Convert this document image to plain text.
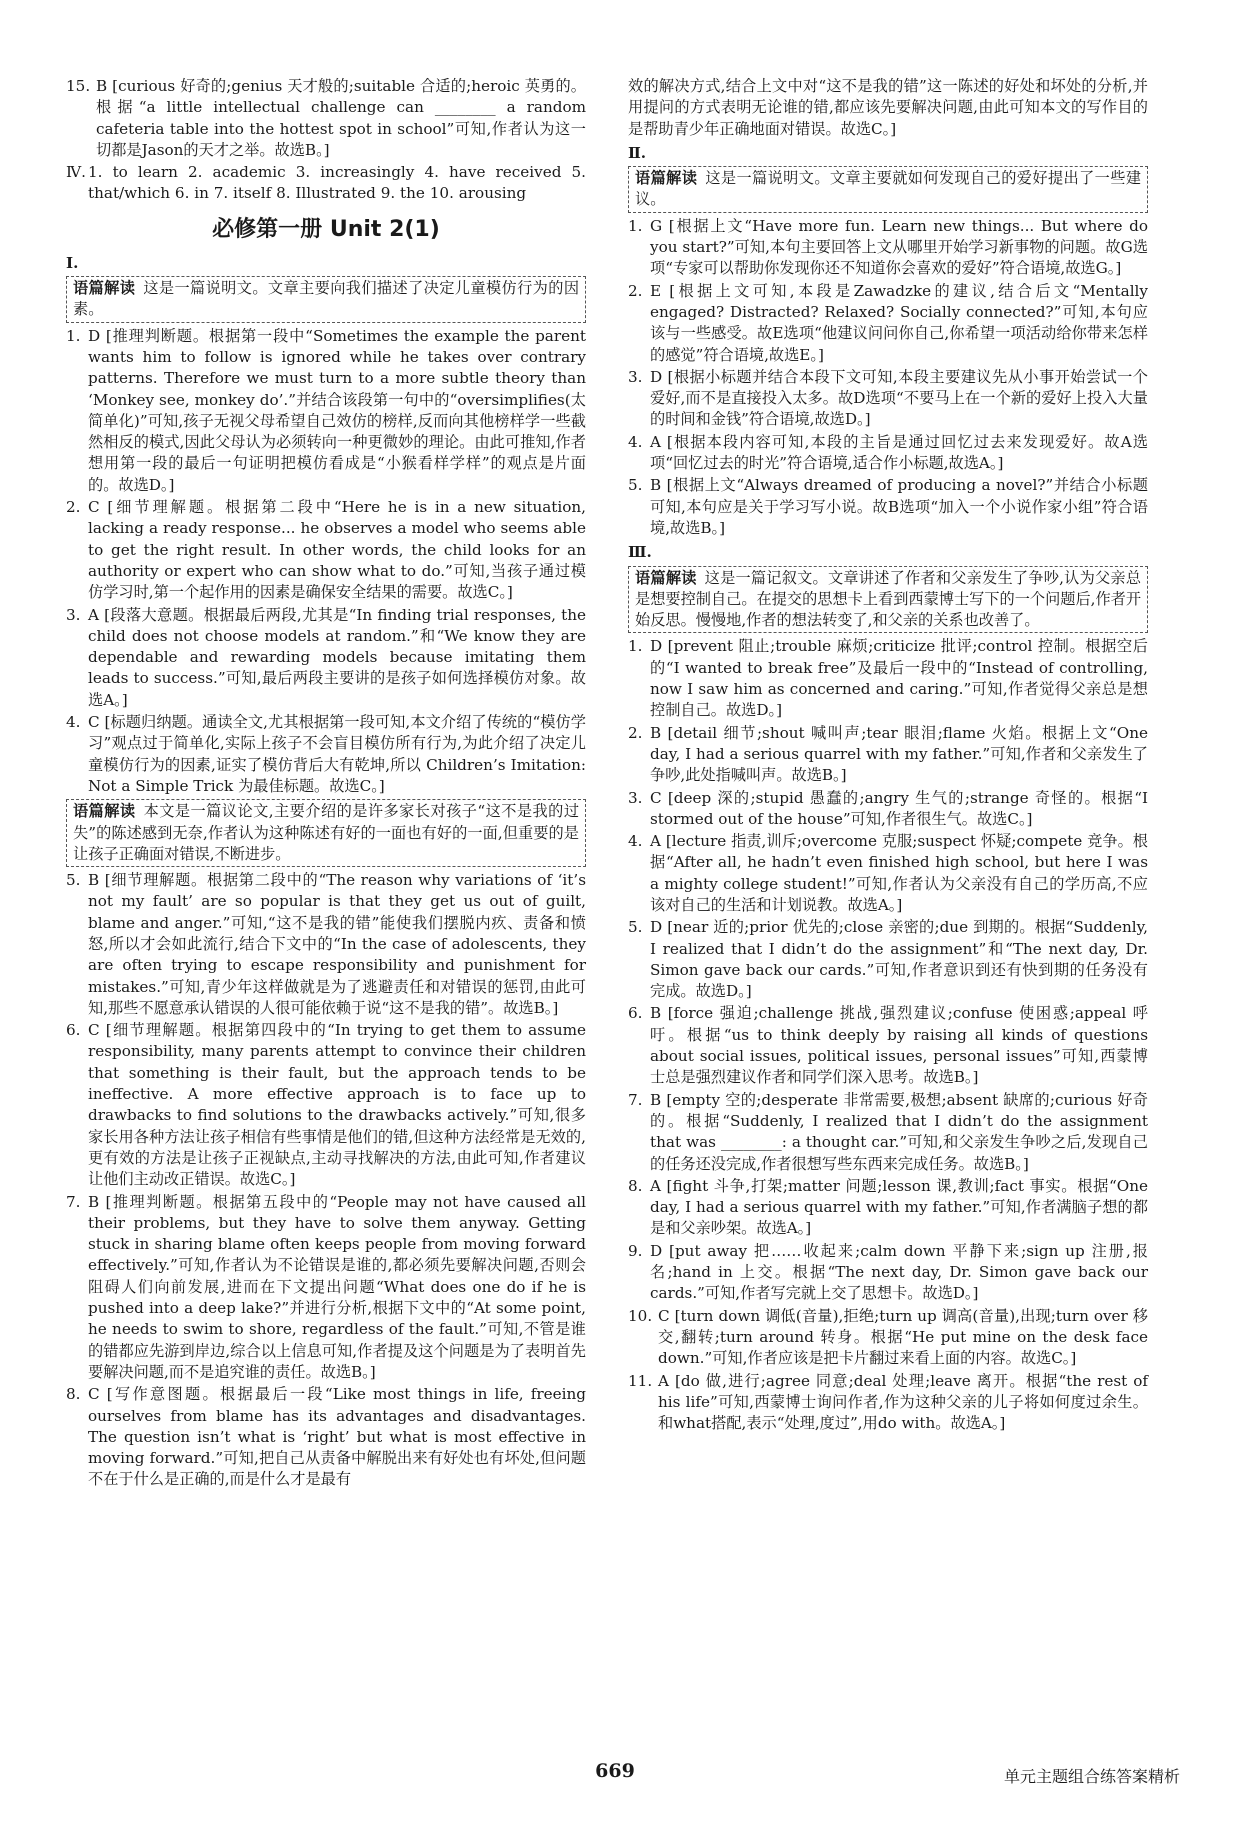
15. B [curious 好奇的;genius 天才般的;suitable 合适的;heroic 英勇的。根据“a little intellectual challenge can ________ a random cafeteria table into the hottest spot in school”可知,作者认为这一切都是Jason的天才之举。故选B。]
Ⅳ. 1. to learn 2. academic 3. increasingly 4. have received 5. that/which 6. in 7. itself 8. Illustrated 9. the 10. arousing
必修第一册 Unit 2(1)
Ⅰ.
语篇解读 这是一篇说明文。文章主要向我们描述了决定儿童模仿行为的因素。
1. D [推理判断题。根据第一段中“Sometimes the example the parent wants him to follow is ignored while he takes over contrary patterns. Therefore we must turn to a more subtle theory than ‘Monkey see, monkey do’.”并结合该段第一句中的“oversimplifies(太简单化)”可知,孩子无视父母希望自己效仿的榜样,反而向其他榜样学一些截然相反的模式,因此父母认为必须转向一种更微妙的理论。由此可推知,作者想用第一段的最后一句证明把模仿看成是“小猴看样学样”的观点是片面的。故选D。]
2. C [细节理解题。根据第二段中“Here he is in a new situation, lacking a ready response... he observes a model who seems able to get the right result. In other words, the child looks for an authority or expert who can show what to do.”可知,当孩子通过模仿学习时,第一个起作用的因素是确保安全结果的需要。故选C。]
3. A [段落大意题。根据最后两段,尤其是“In finding trial responses, the child does not choose models at random.”和“We know they are dependable and rewarding models because imitating them leads to success.”可知,最后两段主要讲的是孩子如何选择模仿对象。故选A。]
4. C [标题归纳题。通读全文,尤其根据第一段可知,本文介绍了传统的“模仿学习”观点过于简单化,实际上孩子不会盲目模仿所有行为,为此介绍了决定儿童模仿行为的因素,证实了模仿背后大有乾坤,所以 Children’s Imitation: Not a Simple Trick 为最佳标题。故选C。]
语篇解读 本文是一篇议论文,主要介绍的是许多家长对孩子“这不是我的过失”的陈述感到无奈,作者认为这种陈述有好的一面也有好的一面,但重要的是让孩子正确面对错误,不断进步。
5. B [细节理解题。根据第二段中的“The reason why variations of ‘it’s not my fault’ are so popular is that they get us out of guilt, blame and anger.”可知,“这不是我的错”能使我们摆脱内疚、责备和愤怒,所以才会如此流行,结合下文中的“In the case of adolescents, they are often trying to escape responsibility and punishment for mistakes.”可知,青少年这样做就是为了逃避责任和对错误的惩罚,由此可知,那些不愿意承认错误的人很可能依赖于说“这不是我的错”。故选B。]
6. C [细节理解题。根据第四段中的“In trying to get them to assume responsibility, many parents attempt to convince their children that something is their fault, but the approach tends to be ineffective. A more effective approach is to face up to drawbacks to find solutions to the drawbacks actively.”可知,很多家长用各种方法让孩子相信有些事情是他们的错,但这种方法经常是无效的,更有效的方法是让孩子正视缺点,主动寻找解决的方法,由此可知,作者建议让他们主动改正错误。故选C。]
7. B [推理判断题。根据第五段中的“People may not have caused all their problems, but they have to solve them anyway. Getting stuck in sharing blame often keeps people from moving forward effectively.”可知,作者认为不论错误是谁的,都必须先要解决问题,否则会阻碍人们向前发展,进而在下文提出问题“What does one do if he is pushed into a deep lake?”并进行分析,根据下文中的“At some point, he needs to swim to shore, regardless of the fault.”可知,不管是谁的错都应先游到岸边,综合以上信息可知,作者提及这个问题是为了表明首先要解决问题,而不是追究谁的责任。故选B。]
8. C [写作意图题。根据最后一段“Like most things in life, freeing ourselves from blame has its advantages and disadvantages. The question isn’t what is ‘right’ but what is most effective in moving forward.”可知,把自己从责备中解脱出来有好处也有坏处,但问题不在于什么是正确的,而是什么才是最有
效的解决方式,结合上文中对“这不是我的错”这一陈述的好处和坏处的分析,并用提问的方式表明无论谁的错,都应该先要解决问题,由此可知本文的写作目的是帮助青少年正确地面对错误。故选C。]
Ⅱ.
语篇解读 这是一篇说明文。文章主要就如何发现自己的爱好提出了一些建议。
1. G [根据上文“Have more fun. Learn new things... But where do you start?”可知,本句主要回答上文从哪里开始学习新事物的问题。故G选项“专家可以帮助你发现你还不知道你会喜欢的爱好”符合语境,故选G。]
2. E [根据上文可知,本段是Zawadzke的建议,结合后文“Mentally engaged? Distracted? Relaxed? Socially connected?”可知,本句应该与一些感受。故E选项“他建议问问你自己,你希望一项活动给你带来怎样的感觉”符合语境,故选E。]
3. D [根据小标题并结合本段下文可知,本段主要建议先从小事开始尝试一个爱好,而不是直接投入太多。故D选项“不要马上在一个新的爱好上投入大量的时间和金钱”符合语境,故选D。]
4. A [根据本段内容可知,本段的主旨是通过回忆过去来发现爱好。故A选项“回忆过去的时光”符合语境,适合作小标题,故选A。]
5. B [根据上文“Always dreamed of producing a novel?”并结合小标题可知,本句应是关于学习写小说。故B选项“加入一个小说作家小组”符合语境,故选B。]
Ⅲ.
语篇解读 这是一篇记叙文。文章讲述了作者和父亲发生了争吵,认为父亲总是想要控制自己。在提交的思想卡上看到西蒙博士写下的一个问题后,作者开始反思。慢慢地,作者的想法转变了,和父亲的关系也改善了。
1. D [prevent 阻止;trouble 麻烦;criticize 批评;control 控制。根据空后的“I wanted to break free”及最后一段中的“Instead of controlling, now I saw him as concerned and caring.”可知,作者觉得父亲总是想控制自己。故选D。]
2. B [detail 细节;shout 喊叫声;tear 眼泪;flame 火焰。根据上文“One day, I had a serious quarrel with my father.”可知,作者和父亲发生了争吵,此处指喊叫声。故选B。]
3. C [deep 深的;stupid 愚蠢的;angry 生气的;strange 奇怪的。根据“I stormed out of the house”可知,作者很生气。故选C。]
4. A [lecture 指责,训斥;overcome 克服;suspect 怀疑;compete 竞争。根据“After all, he hadn’t even finished high school, but here I was a mighty college student!”可知,作者认为父亲没有自己的学历高,不应该对自己的生活和计划说教。故选A。]
5. D [near 近的;prior 优先的;close 亲密的;due 到期的。根据“Suddenly, I realized that I didn’t do the assignment”和“The next day, Dr. Simon gave back our cards.”可知,作者意识到还有快到期的任务没有完成。故选D。]
6. B [force 强迫;challenge 挑战,强烈建议;confuse 使困惑;appeal 呼吁。根据“us to think deeply by raising all kinds of questions about social issues, political issues, personal issues”可知,西蒙博士总是强烈建议作者和同学们深入思考。故选B。]
7. B [empty 空的;desperate 非常需要,极想;absent 缺席的;curious 好奇的。根据“Suddenly, I realized that I didn’t do the assignment that was ________: a thought car.”可知,和父亲发生争吵之后,发现自己的任务还没完成,作者很想写些东西来完成任务。故选B。]
8. A [fight 斗争,打架;matter 问题;lesson 课,教训;fact 事实。根据“One day, I had a serious quarrel with my father.”可知,作者满脑子想的都是和父亲吵架。故选A。]
9. D [put away 把……收起来;calm down 平静下来;sign up 注册,报名;hand in 上交。根据“The next day, Dr. Simon gave back our cards.”可知,作者写完就上交了思想卡。故选D。]
10. C [turn down 调低(音量),拒绝;turn up 调高(音量),出现;turn over 移交,翻转;turn around 转身。根据“He put mine on the desk face down.”可知,作者应该是把卡片翻过来看上面的内容。故选C。]
11. A [do 做,进行;agree 同意;deal 处理;leave 离开。根据“the rest of his life”可知,西蒙博士询问作者,作为这种父亲的儿子将如何度过余生。和what搭配,表示“处理,度过”,用do with。故选A。]
669	单元主题组合练答案精析
